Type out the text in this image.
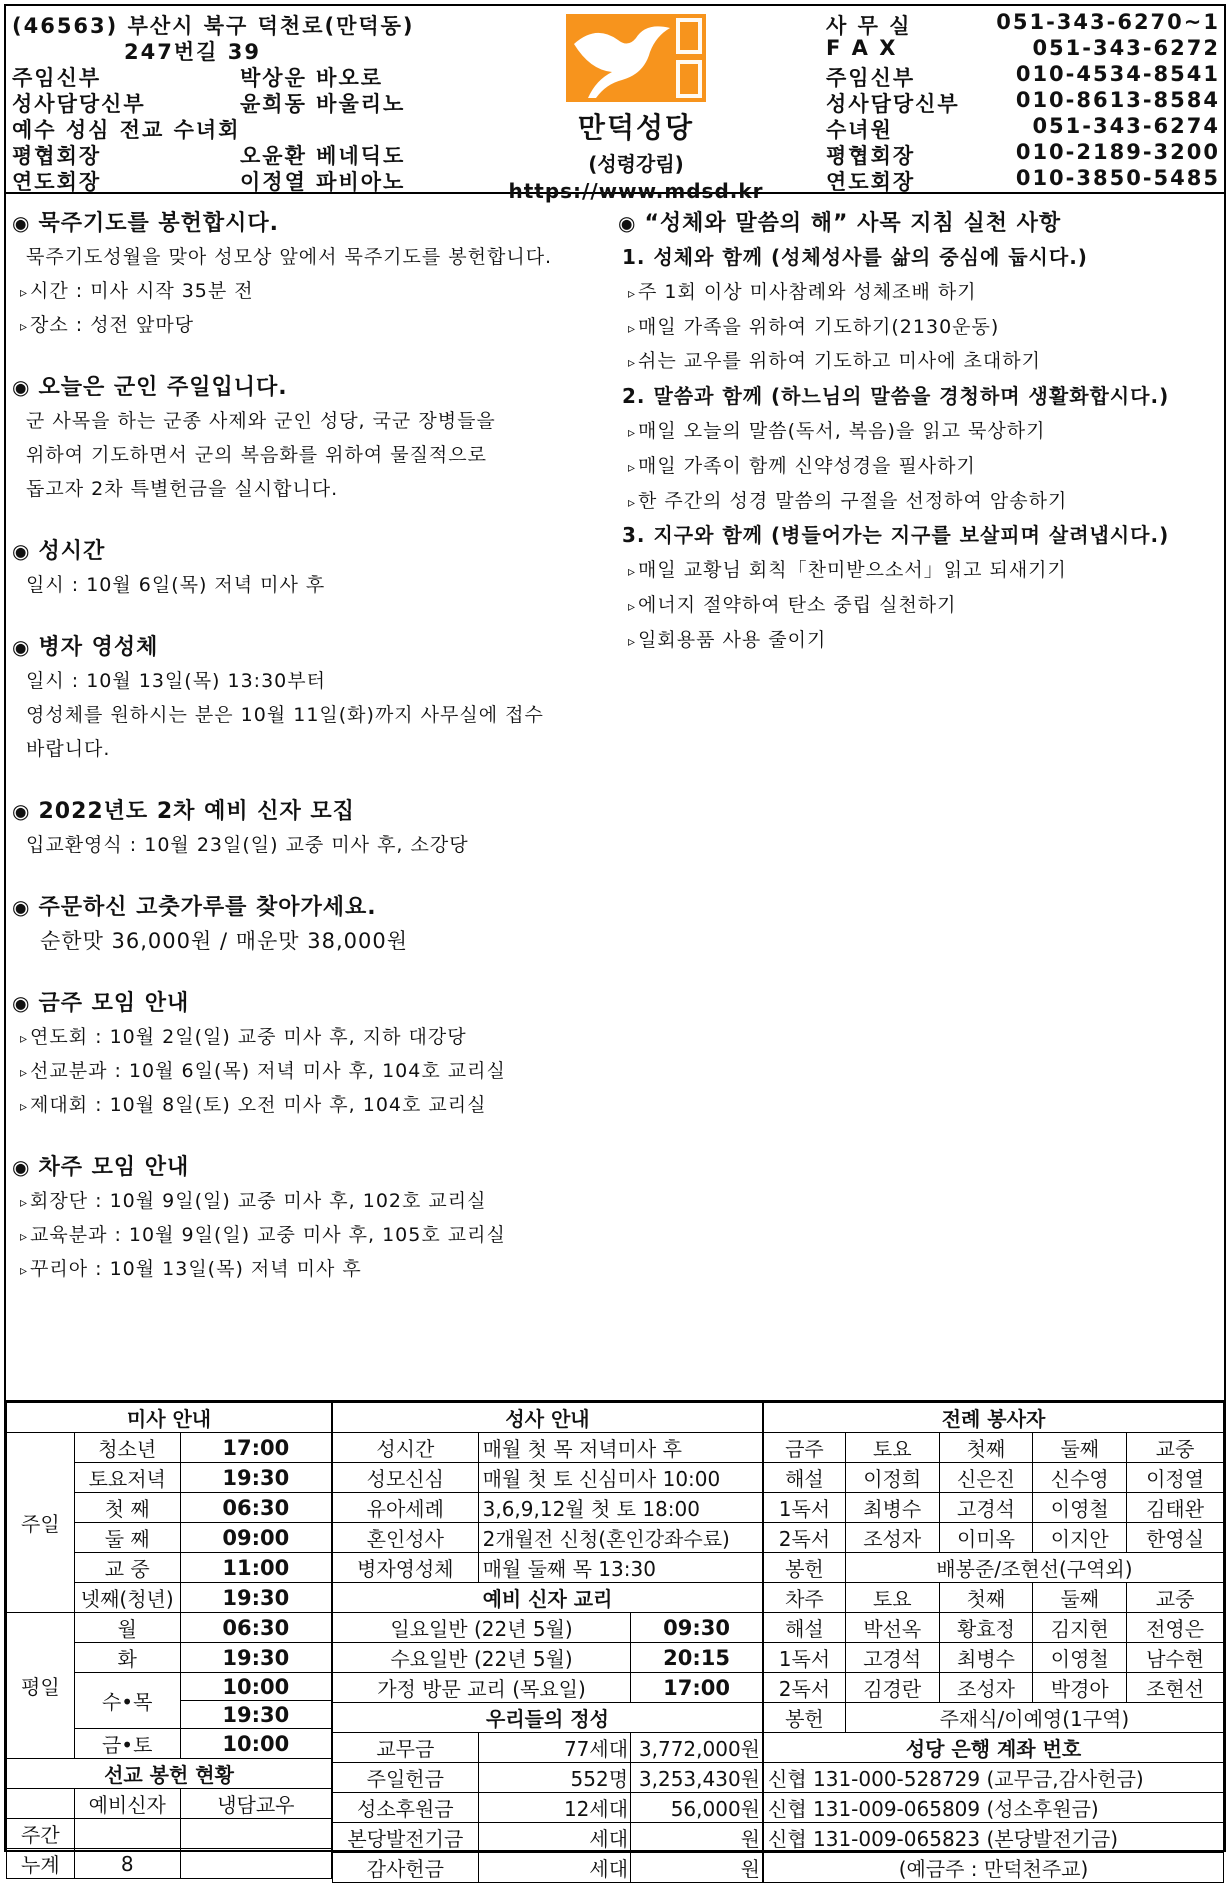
(46563) 부산시 북구 덕천로(만덕동)
247번길 39
주임신부	박상운 바오로
성사담당신부	윤희동 바울리노
예수 성심 전교 수녀회
평협회장	오윤환 베네딕도
연도회장	이정열 파비아노
만덕성당
(성령강림)
https://www.mdsd.kr
사 무 실	051-343-6270~1
F A X	051-343-6272
주임신부	010-4534-8541
성사담당신부	010-8613-8584
수녀원	051-343-6274
평협회장	010-2189-3200
연도회장	010-3850-5485
◉ 묵주기도를 봉헌합시다.
묵주기도성월을 맞아 성모상 앞에서 묵주기도를 봉헌합니다.
▹ 시간 : 미사 시작 35분 전
▹ 장소 : 성전 앞마당
◉ 오늘은 군인 주일입니다.
군 사목을 하는 군종 사제와 군인 성당, 국군 장병들을
위하여 기도하면서 군의 복음화를 위하여 물질적으로
돕고자 2차 특별헌금을 실시합니다.
◉ 성시간
일시 : 10월 6일(목) 저녁 미사 후
◉ 병자 영성체
일시 : 10월 13일(목) 13:30부터
영성체를 원하시는 분은 10월 11일(화)까지 사무실에 접수
바랍니다.
◉ 2022년도 2차 예비 신자 모집
입교환영식 : 10월 23일(일) 교중 미사 후, 소강당
◉ 주문하신 고춧가루를 찾아가세요.
순한맛 36,000원 / 매운맛 38,000원
◉ 금주 모임 안내
▹ 연도회 : 10월 2일(일) 교중 미사 후, 지하 대강당
▹ 선교분과 : 10월 6일(목) 저녁 미사 후, 104호 교리실
▹ 제대회 : 10월 8일(토) 오전 미사 후, 104호 교리실
◉ 차주 모임 안내
▹ 회장단 : 10월 9일(일) 교중 미사 후, 102호 교리실
▹ 교육분과 : 10월 9일(일) 교중 미사 후, 105호 교리실
▹ 꾸리아 : 10월 13일(목) 저녁 미사 후
◉ “성체와 말씀의 해” 사목 지침 실천 사항
1. 성체와 함께 (성체성사를 삶의 중심에 둡시다.)
▹ 주 1회 이상 미사참례와 성체조배 하기
▹ 매일 가족을 위하여 기도하기(2130운동)
▹ 쉬는 교우를 위하여 기도하고 미사에 초대하기
2. 말씀과 함께 (하느님의 말씀을 경청하며 생활화합시다.)
▹ 매일 오늘의 말씀(독서, 복음)을 읽고 묵상하기
▹ 매일 가족이 함께 신약성경을 필사하기
▹ 한 주간의 성경 말씀의 구절을 선정하여 암송하기
3. 지구와 함께 (병들어가는 지구를 보살피며 살려냅시다.)
▹ 매일 교황님 회칙「찬미받으소서」읽고 되새기기
▹ 에너지 절약하여 탄소 중립 실천하기
▹ 일회용품 사용 줄이기
미사 안내		
주일	청소년	17:00
	토요저녁	19:30
	첫 째	06:30
	둘 째	09:00
	교 중	11:00
	넷째(청년)	19:30
평일	월	06:30
	화	19:30
	수•목	10:00
		19:30
	금•토	10:00
선교 봉헌 현황		
	예비신자	냉담교우
주간		
누계	8	
성사 안내		
성시간	매월 첫 목 저녁미사 후	
성모신심	매월 첫 토 신심미사 10:00	
유아세례	3,6,9,12월 첫 토 18:00	
혼인성사	2개월전 신청(혼인강좌수료)	
병자영성체	매월 둘째 목 13:30	
예비 신자 교리		
일요일반 (22년 5월)		09:30
수요일반 (22년 5월)		20:15
가정 방문 교리 (목요일)		17:00
우리들의 정성		
교무금	77세대	3,772,000원
주일헌금	552명	3,253,430원
성소후원금	12세대	56,000원
본당발전기금	세대	원
감사헌금	세대	원
전례 봉사자				
금주	토요	첫째	둘째	교중
해설	이정희	신은진	신수영	이정열
1독서	최병수	고경석	이영철	김태완
2독서	조성자	이미옥	이지안	한영실
봉헌	배봉준/조현선(구역외)			
차주	토요	첫째	둘째	교중
해설	박선옥	황효정	김지현	전영은
1독서	고경석	최병수	이영철	남수현
2독서	김경란	조성자	박경아	조현선
봉헌	주재식/이예영(1구역)			
성당 은행 계좌 번호				
신협 131-000-528729 (교무금,감사헌금)				
신협 131-009-065809 (성소후원금)				
신협 131-009-065823 (본당발전기금)				
(예금주 : 만덕천주교)				
